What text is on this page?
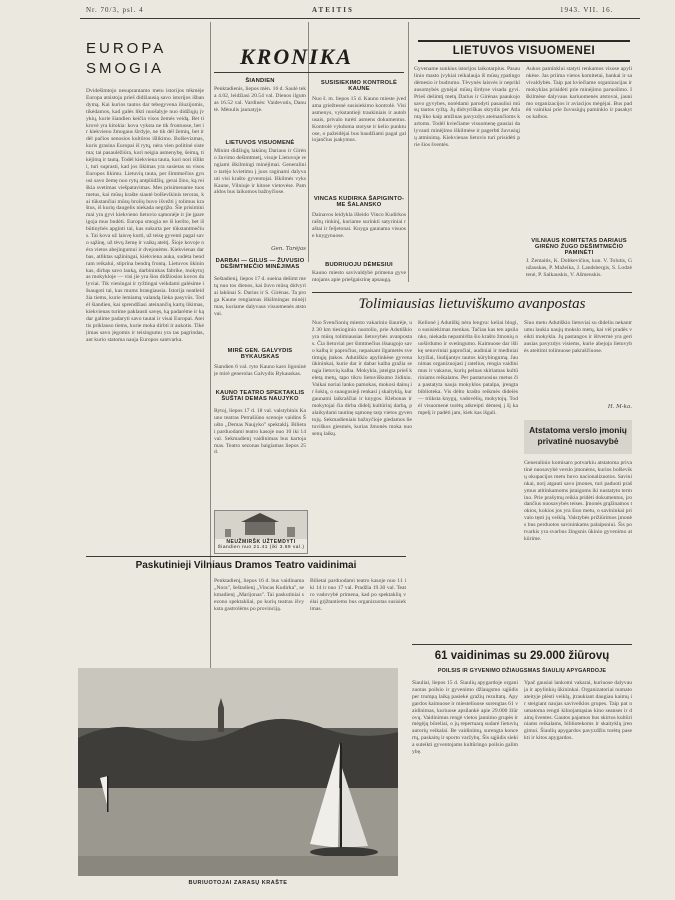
Nr. 70/3, psl. 4	ATEITIS	1943. VII. 16.
EUROPA
SMOGIA
Dvidešimtojo nesuprantamo metu istorijos tėkmėje Europa atsistoja prieš didžiausią savo istorijos išbandymą. Kai kurios tautos dar tebegyvena iliuzijomis, tikėdamos, kad galės likti nuošalyje nuo didžiųjų įvykių, kurie šiandien keičia visos žemės veidą. Bet tikrovė yra kitokia: kova vyksta ne tik frontuose, bet ir kiekvieno žmogaus širdyje, ne tik dėl žemių, bet ir dėl pačios senosios kultūros išlikimo. Bolševizmas, kuris grasina Europai iš rytų, nėra vien politinė sistema; tai pasaulėžiūra, kuri neigia asmenybę, šeimą, tikėjimą ir tautą. Todėl kiekviena tauta, kuri nori išlikti, turi suprasti, kad jos likimas yra susietas su visos Europos likimu. Lietuvių tauta, per šimtmečius gynusi savo žemę nuo rytų antplūdžių, gerai žino, ką reiškia svetimas viešpatavimas. Mes prisimename tuos metus, kai mūsų krašte siautė bolševikinis teroras, kai tūkstančiai mūsų brolių buvo išvežti į tolimus kraštus, iš kurių daugelis niekada negrįžo. Šie prisiminimai yra gyvi kiekvieno lietuvio sąmonėje ir jie įpareigoja mus budėti. Europa smogia ne iš keršto, bet iš būtinybės apginti tai, kas sukurta per tūkstantmečius. Tai kova už laisvę kurti, už teisę gyventi pagal savo sąžinę, už tėvų žemę ir vaikų ateitį. Šioje kovoje nėra vietos abejingumui ir dvejonėms. Kiekvienas darbas, atliktas sąžiningai, kiekviena auka, sudėta bendram reikalui, stiprina bendrą frontą. Lietuvos ūkininkas, dirbąs savo lauką, darbininkas fabrike, mokytojas mokykloje — visi jie yra šios didžiosios kovos dalyviai. Tik vieningai ir ryžtingai veikdami galėsime išsaugoti tai, kas mums brangiausia. Istorija neatleidžia tiems, kurie lemiamą valandą lieka pasyvūs. Todėl šiandien, kai sprendžiasi ateinančių kartų likimas, kiekvienas turime paklausti savęs, ką padarėme ir ką dar galime padaryti savo tautai ir visai Europai. Ateitis priklauso tiems, kurie moka dirbti ir aukotis. Tikėjimas savo jėgomis ir teisingumu yra tas pagrindas, ant kurio statoma nauja Europos santvarka.
KRONIKA
ŠIANDIEN
Penktadienis, liepos mėn. 16 d. Saulė teka 4.02, leidžiasi 20.54 val. Dienos ilgumas 16.52 val. Vardinės: Vaidevutis, Danutė. Mėnulis jaunatyje.
LIETUVOS VISUOMENĖ
Minint didžiųjų lakūnų Dariaus ir Girėno žuvimo dešimtmetį, visoje Lietuvoje rengiami iškilmingi minėjimai. Generalinio tarėjo kvietimu į juos raginami dalyvauti visi krašto gyventojai. Iškilmės vyks Kaune, Vilniuje ir kitose vietovėse. Pamaldos bus laikomos bažnyčiose.
Gen. Tarėjas
DARBAI — GILUS — ŽUVUSIO DEŠIMTMEČIO MINĖJIMAS
Šeštadienį, liepos 17 d. sueina dešimt metų nuo tos dienos, kai žuvo mūsų didvyriai lakūnai S. Darius ir S. Girėnas. Ta proga Kaune rengiamas iškilmingas minėjimas, kuriame dalyvaus visuomenės atstovai.
MIRĖ GEN. GALVYDIS BYKAUSKAS
Šiandien 6 val. ryto Kauno karo ligoninėje mirė generolas Galvydis Bykauskas.
KAUNO TEATRO SPEKTAKLIS ŠUŠTAI DEMAS NAUJYKO
Rytoj, liepos 17 d. 18 val. valstybinis Kauno teatras Petrašiūno scenoje vaidins Šušto „Demas Naujyko" spektaklį. Bilietai parduodami teatro kasoje nuo 10 iki 14 val. Sekmadienį vaidinimas bus kartojamas. Teatro sezonas baigiamas liepos 25 d.
NEUŽMIRŠK UŽTEMDYTI
Šiandien nuo 21.41 (iki 3.69 val.)
SUSISIEKIMO KONTROLĖ KAUNE
Nuo š. m. liepos 15 d. Kauno mieste įvedama griežtesnė susisiekimo kontrolė. Visi asmenys, vykstantieji traukiniais ir autobusais, privalo turėti asmens dokumentus. Kontrolė vykdoma stotyse ir kelio punktuose, o pažeidėjai bus baudžiami pagal galiojančius įsakymus.
VINCAS KUDIRKA ŠAPIGINTO-ME ŠALANSKO
Dainavos leidykla išleido Vinco Kudirkos raštų rinkinį, kuriame surinkti satyriniai raštai ir feljetonai. Knyga gaunama visuose knygynuose.
BUDRIUOJU DĖMESIUI
Kauno miesto savivaldybė primena gyventojams apie priešgaisrinę apsaugą.
LIETUVOS VISUOMENEI
Gyvename sunkius istorijos laikotarpius. Pasaulinio masto įvykiai reikalauja iš mūsų ypatingo dėmesio ir budrumo. Tėvynės laisvės ir nepriklausomybės gynėjai mūsų širdyse visada gyvi. Prieš dešimtį metų Darius ir Girėnas paaukojo savo gyvybes, norėdami parodyti pasauliui mūsų tautos ryžtą. Jų didvyriškas skrydis per Atlantą liko kaip amžinas pavyzdys ateinančioms kartoms. Todėl kviečiame visuomenę gausiai dalyvauti minėjimo iškilmėse ir pagerbti žuvusiųjų atminimą. Kiekvienas lietuvis turi prisidėti prie šios šventės.
Aukos paminklui statyti renkamos visose apylinkėse. Jas priima vietos komitetai, bankai ir savivaldybės. Taip pat kviečiame organizacijas ir mokyklas prisidėti prie minėjimo paruošimo. Iškilmėse dalyvaus kariuomenės atstovai, jaunimo organizacijos ir aviacijos mėgėjai. Bus padėti vainikai prie žuvusiųjų paminklo ir pasakytos kalbos.
VILNIAUS KOMITETAS DARIAUS GIRĖNO ŽUGO DEŠIMTMEČIO PAMINĖTI
J. Žemaitis, K. Dobkevičius, kun. V. Tolutis, Gužauskas, P. Mažeika, J. Landsbergis, S. Lodzėtenė, P. Salkauskis, V. Ašmenskis.
Tolimiausias lietuviškumo avanpostas
Nuo Švenčionių miesto vakarinio šiaurėje, už 30 km tiesioginio nuotolio, prie Adutiškio yra mūsų tolimiausias lietuvybės avanpostas. Čia lietuviai per šimtmečius išsaugojo savo kalbą ir papročius, nepaisant ilgametės svetimųjų įtakos. Adutiškio apylinkėse gyvena ūkininkai, kurie dar ir dabar kalba gražia senąja lietuvių kalba. Mokykla, įsteigta prieš keletą metų, tapo tikru lietuviškumo židiniu. Vaikai noriai lanko pamokas, mokosi dainų ir šokių, o suaugusieji renkasi į skaityklą, kur gaunami laikraščiai ir knygos. Klebonas ir mokytojai čia dirba didelį kultūrinį darbą, palaikydami tautinę sąmonę tarp vietos gyventojų. Sekmadieniais bažnyčioje giedamos lietuviškos giesmės, kurias žmonės moka nuo senų laikų.
Kelionė į Adutiškį nėra lengva: keliai blogi, o susisiekimas menkas. Tačiau kas ten apsilanko, niekada nepamiršta šio krašto žmonių nuoširdumo ir svetingumo. Kaimuose dar išlikę senoviniai papročiai, audiniai ir mediniai kryžiai, liudijantys tautos kūrybingumą. Jaunimas organizuojasi į ratelius, rengia vaidinimus ir vakarus, kurių pelnas skiriamas kultūriniams reikalams. Per pastaruosius metus čia pastatyta nauja mokyklos patalpa, įrengta biblioteka. Vis dėlto krašto reikmės didelės — trūksta knygų, vadovėlių, mokytojų. Todėl visuomenė turėtų atkreipti dėmesį į šį kampelį ir padėti jam, kiek kas išgali.
Šiuo metu Adutiškio lietuviai su dideliu nekantrumu laukia naujų mokslo metų, kai vėl pradės veikti mokykla. Jų pastangos ir ištvermė yra geriausias pavyzdys visiems, kurie abejoja lietuvybės ateitimi tolimuose pakraščiuose.
H. M-ka.
Atstatoma verslo įmonių
privatinė nuosavybė
Generalinio komisaro potvarkiu atstatoma privatinė nuosavybė verslo įmonėms, kurios bolševikų okupacijos metu buvo nacionalizuotos. Savininkai, norį atgauti savo įmones, turi paduoti prašymus atitinkamoms įstaigoms iki nustatyto termino. Prie prašymų reikia pridėti dokumentus, įrodančius nuosavybės teises. Įmonės grąžinamos tokios, kokios jos yra šiuo metu, o savininkai privalo tęsti jų veiklą. Valstybės prižiūrimos įmonės bus perduotos savininkams palaipsniui. Šis potvarkis yra svarbus žingsnis ūkinio gyvenimo atkūrime.
Paskutinieji Vilniaus Dramos Teatro vaidinimai
Penktadienį, liepos 16 d. bus vaidinama „Nora", šeštadienį „Vincas Kudirka", sekmadienį „Marijonas". Tai paskutiniai sezono spektakliai, po kurių teatras išvyksta gastrolėms po provinciją.
Bilietai parduodami teatro kasoje nuo 11 iki 14 ir nuo 17 val. Pradžia 19.30 val. Teatro vadovybė primena, kad po spektaklių vėlai grįžtantiems bus organizuotas susisiekimas.
BURIUOTOJAI ZARASŲ KRAŠTE
61 vaidinimas su 29.000 žiūrovų
POILSIS IR GYVENIMO DŽIAUGSMAS ŠIAULIŲ APYGARDOJE
Šiauliai, liepos 15 d. Šiaulių apygardoje organizuotas poilsio ir gyvenimo džiaugsmo sąjūdis per trumpą laiką pasiekė gražių rezultatų. Apygardos kaimuose ir miesteliuose surengtas 61 vaidinimas, kuriuose apsilankė apie 29.000 žiūrovų. Vaidinimus rengė vietos jaunimo grupės ir mėgėjų būreliai, o jų repertuarą sudarė lietuvių autorių veikalai. Be vaidinimų, surengta koncertų, paskaitų ir sporto varžybų. Šis sąjūdis siekia suteikti gyventojams kultūringo poilsio galimybę.
Ypač gausiai lankomi vakarai, kuriuose dalyvauja ir apylinkių ūkininkai. Organizatoriai numato ateityje plėsti veiklą, įtraukiant daugiau kaimų ir steigiant naujas saviveiklos grupes. Taip pat numatoma rengti kilnojamąsias kino seanses ir dainų šventes. Gautos pajamos bus skirtos kultūriniams reikalams, bibliotekoms ir skaityklų įrengimui. Šiaulių apygardos pavyzdžiu turėtų pasekti ir kitos apygardos.
